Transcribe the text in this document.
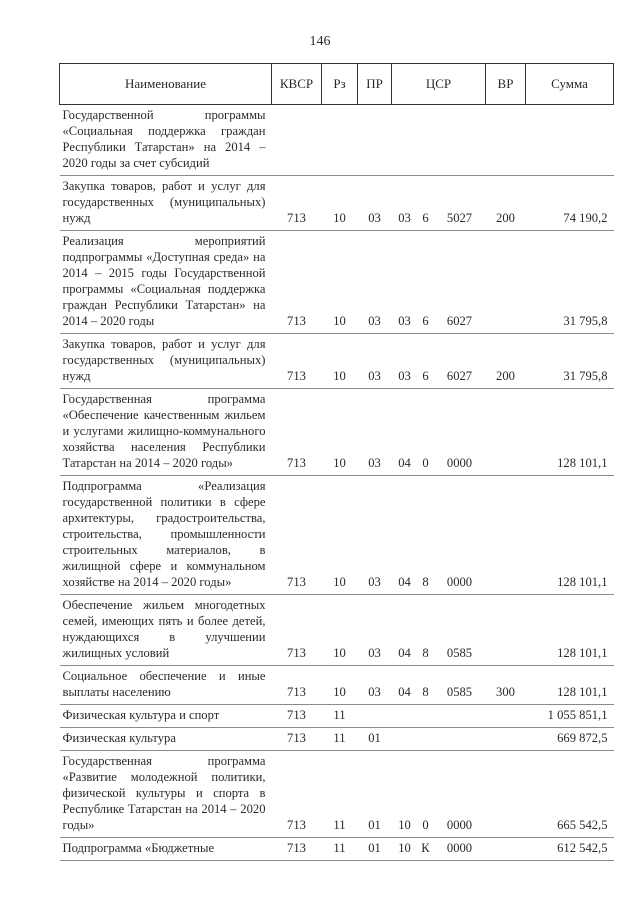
146
Наименование	КВСР	Рз	ПР	ЦСР			ВР	Сумма
Государственной программы «Социальная поддержка граждан Республики Татарстан» на 2014 – 2020 годы за счет субсидий								
Закупка товаров, работ и услуг для государственных (муниципальных) нужд	713	10	03	03	6	5027	200	74 190,2
Реализация мероприятий подпрограммы «Доступная среда» на 2014 – 2015 годы Государственной программы «Социальная поддержка граждан Республики Татарстан» на 2014 – 2020 годы	713	10	03	03	6	6027		31 795,8
Закупка товаров, работ и услуг для государственных (муниципальных) нужд	713	10	03	03	6	6027	200	31 795,8
Государственная программа «Обеспечение качественным жильем и услугами жилищно-коммунального хозяйства населения Республики Татарстан на 2014 – 2020 годы»	713	10	03	04	0	0000		128 101,1
Подпрограмма «Реализация государственной политики в сфере архитектуры, градостроительства, строительства, промышленности строительных материалов, в жилищной сфере и коммунальном хозяйстве на 2014 – 2020 годы»	713	10	03	04	8	0000		128 101,1
Обеспечение жильем многодетных семей, имеющих пять и более детей, нуждающихся в улучшении жилищных условий	713	10	03	04	8	0585		128 101,1
Социальное обеспечение и иные выплаты населению	713	10	03	04	8	0585	300	128 101,1
Физическая культура и спорт	713	11						1 055 851,1
Физическая культура	713	11	01					669 872,5
Государственная программа «Развитие молодежной политики, физической культуры и спорта в Республике Татарстан на 2014 – 2020 годы»	713	11	01	10	0	0000		665 542,5
Подпрограмма «Бюджетные	713	11	01	10	К	0000		612 542,5
